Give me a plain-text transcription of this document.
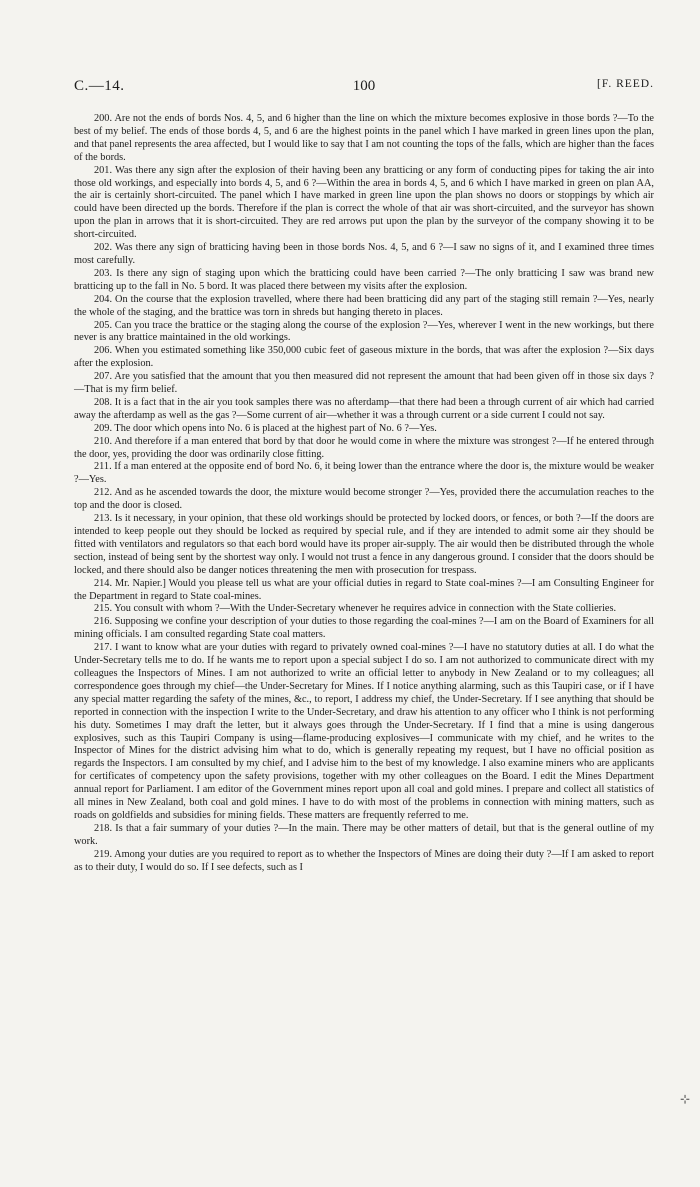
C.—14.	100	[F. REED.

200. Are not the ends of bords Nos. 4, 5, and 6 higher than the line on which the mixture becomes explosive in those bords ?—To the best of my belief. The ends of those bords 4, 5, and 6 are the highest points in the panel which I have marked in green lines upon the plan, and that panel represents the area affected, but I would like to say that I am not counting the tops of the falls, which are higher than the faces of the bords.

201. Was there any sign after the explosion of their having been any bratticing or any form of conducting pipes for taking the air into those old workings, and especially into bords 4, 5, and 6 ?—Within the area in bords 4, 5, and 6 which I have marked in green on plan AA, the air is certainly short-circuited. The panel which I have marked in green line upon the plan shows no doors or stoppings by which air could have been directed up the bords. Therefore if the plan is correct the whole of that air was short-circuited, and the surveyor has shown upon the plan in arrows that it is short-circuited. They are red arrows put upon the plan by the surveyor of the company showing it to be short-circuited.

202. Was there any sign of bratticing having been in those bords Nos. 4, 5, and 6 ?—I saw no signs of it, and I examined three times most carefully.

203. Is there any sign of staging upon which the bratticing could have been carried ?—The only bratticing I saw was brand new bratticing up to the fall in No. 5 bord. It was placed there between my visits after the explosion.

204. On the course that the explosion travelled, where there had been bratticing did any part of the staging still remain ?—Yes, nearly the whole of the staging, and the brattice was torn in shreds but hanging thereto in places.

205. Can you trace the brattice or the staging along the course of the explosion ?—Yes, wherever I went in the new workings, but there never is any brattice maintained in the old workings.

206. When you estimated something like 350,000 cubic feet of gaseous mixture in the bords, that was after the explosion ?—Six days after the explosion.

207. Are you satisfied that the amount that you then measured did not represent the amount that had been given off in those six days ?—That is my firm belief.

208. It is a fact that in the air you took samples there was no afterdamp—that there had been a through current of air which had carried away the afterdamp as well as the gas ?—Some current of air—whether it was a through current or a side current I could not say.

209. The door which opens into No. 6 is placed at the highest part of No. 6 ?—Yes.

210. And therefore if a man entered that bord by that door he would come in where the mixture was strongest ?—If he entered through the door, yes, providing the door was ordinarily close fitting.

211. If a man entered at the opposite end of bord No. 6, it being lower than the entrance where the door is, the mixture would be weaker ?—Yes.

212. And as he ascended towards the door, the mixture would become stronger ?—Yes, provided there the accumulation reaches to the top and the door is closed.

213. Is it necessary, in your opinion, that these old workings should be protected by locked doors, or fences, or both ?—If the doors are intended to keep people out they should be locked as required by special rule, and if they are intended to admit some air they should be fitted with ventilators and regulators so that each bord would have its proper air-supply. The air would then be distributed through the whole section, instead of being sent by the shortest way only. I would not trust a fence in any dangerous ground. I consider that the doors should be locked, and there should also be danger notices threatening the men with prosecution for trespass.

214. Mr. Napier.] Would you please tell us what are your official duties in regard to State coal-mines ?—I am Consulting Engineer for the Department in regard to State coal-mines.

215. You consult with whom ?—With the Under-Secretary whenever he requires advice in connection with the State collieries.

216. Supposing we confine your description of your duties to those regarding the coal-mines ?—I am on the Board of Examiners for all mining officials. I am consulted regarding State coal matters.

217. I want to know what are your duties with regard to privately owned coal-mines ?—I have no statutory duties at all. I do what the Under-Secretary tells me to do. If he wants me to report upon a special subject I do so. I am not authorized to communicate direct with my colleagues the Inspectors of Mines. I am not authorized to write an official letter to anybody in New Zealand or to my colleagues; all correspondence goes through my chief—the Under-Secretary for Mines. If I notice anything alarming, such as this Taupiri case, or if I have any special matter regarding the safety of the mines, &c., to report, I address my chief, the Under-Secretary. If I see anything that should be reported in connection with the inspection I write to the Under-Secretary, and draw his attention to any officer who I think is not performing his duty. Sometimes I may draft the letter, but it always goes through the Under-Secretary. If I find that a mine is using dangerous explosives, such as this Taupiri Company is using—flame-producing explosives—I communicate with my chief, and he writes to the Inspector of Mines for the district advising him what to do, which is generally repeating my request, but I have no official position as regards the Inspectors. I am consulted by my chief, and I advise him to the best of my knowledge. I also examine miners who are applicants for certificates of competency upon the safety provisions, together with my other colleagues on the Board. I edit the Mines Department annual report for Parliament. I am editor of the Government mines report upon all coal and gold mines. I prepare and collect all statistics of all mines in New Zealand, both coal and gold mines. I have to do with most of the problems in connection with mining matters, such as roads on goldfields and subsidies for mining fields. These matters are frequently referred to me.

218. Is that a fair summary of your duties ?—In the main. There may be other matters of detail, but that is the general outline of my work.

219. Among your duties are you required to report as to whether the Inspectors of Mines are doing their duty ?—If I am asked to report as to their duty, I would do so. If I see defects, such as I

⊹
